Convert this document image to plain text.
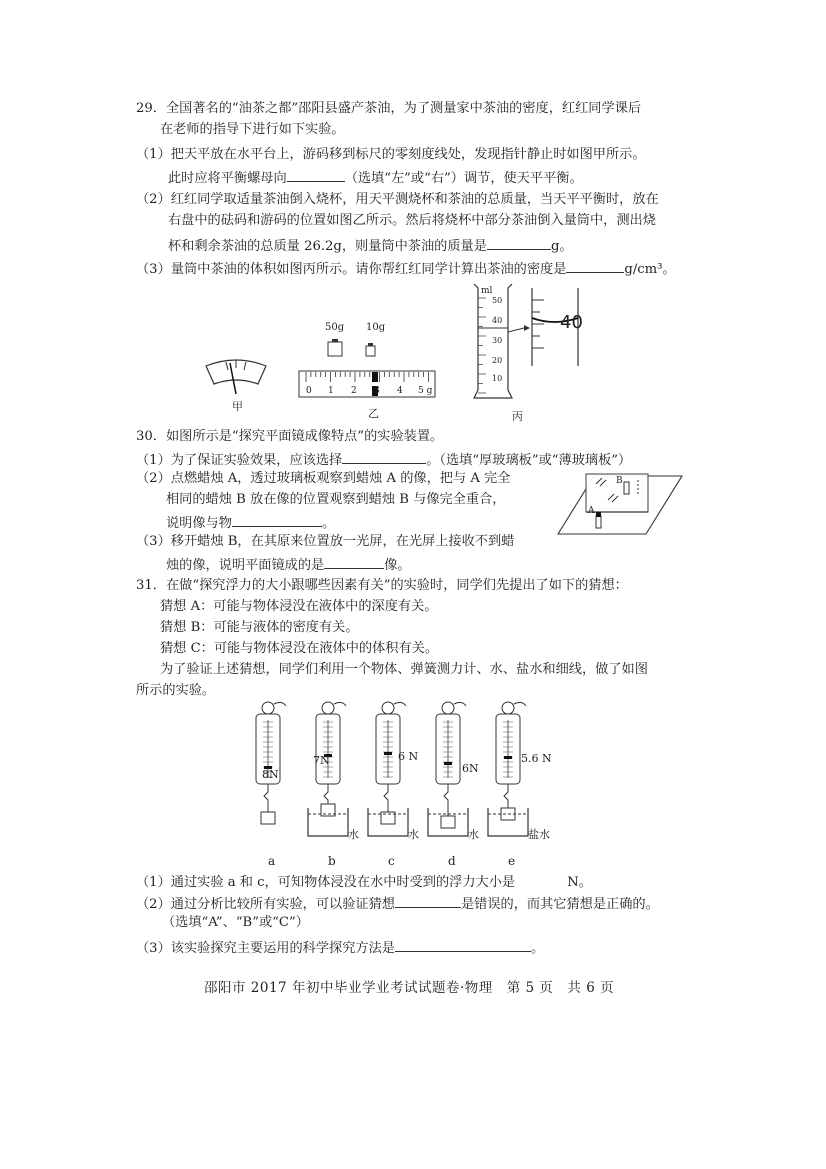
29．全国著名的“油茶之都”邵阳县盛产茶油，为了测量家中茶油的密度，红红同学课后
在老师的指导下进行如下实验。
（1）把天平放在水平台上，游码移到标尺的零刻度线处，发现指针静止时如图甲所示。
此时应将平衡螺母向	（选填“左”或“右”）调节，使天平平衡。
（2）红红同学取适量茶油倒入烧杯，用天平测烧杯和茶油的总质量，当天平平衡时，放在
右盘中的砝码和游码的位置如图乙所示。然后将烧杯中部分茶油倒入量筒中，测出烧
杯和剩余茶油的总质量 26.2g，则量筒中茶油的质量是	g。
（3）量筒中茶油的体积如图丙所示。请你帮红红同学计算出茶油的密度是	g/cm³。
甲
50g 10g
0 1 2 3 4 5 g
乙
ml
50
40
30
20
10
40
丙
30．如图所示是“探究平面镜成像特点”的实验装置。
（1）为了保证实验效果，应该选择	。（选填“厚玻璃板”或“薄玻璃板”）
（2）点燃蜡烛 A，透过玻璃板观察到蜡烛 A 的像，把与 A 完全
相同的蜡烛 B 放在像的位置观察到蜡烛 B 与像完全重合，
说明像与物	。
（3）移开蜡烛 B，在其原来位置放一光屏，在光屏上接收不到蜡
烛的像，说明平面镜成的是	像。
A
B
31．在做“探究浮力的大小跟哪些因素有关”的实验时，同学们先提出了如下的猜想：
猜想 A：可能与物体浸没在液体中的深度有关。
猜想 B：可能与液体的密度有关。
猜想 C：可能与物体浸没在液体中的体积有关。
为了验证上述猜想，同学们利用一个物体、弹簧测力计、水、盐水和细线，做了如图
所示的实验。
8N
7N	6 N
6N
5.6 N
水	水	水	盐水
a	b	c	d	e
（1）通过实验 a 和 c，可知物体浸没在水中时受到的浮力大小是	N。
（2）通过分析比较所有实验，可以验证猜想	是错误的，而其它猜想是正确的。
（选填“A”、“B”或“C”）
（3）该实验探究主要运用的科学探究方法是	。
邵阳市 2017 年初中毕业学业考试试题卷·物理　第 5 页　共 6 页
